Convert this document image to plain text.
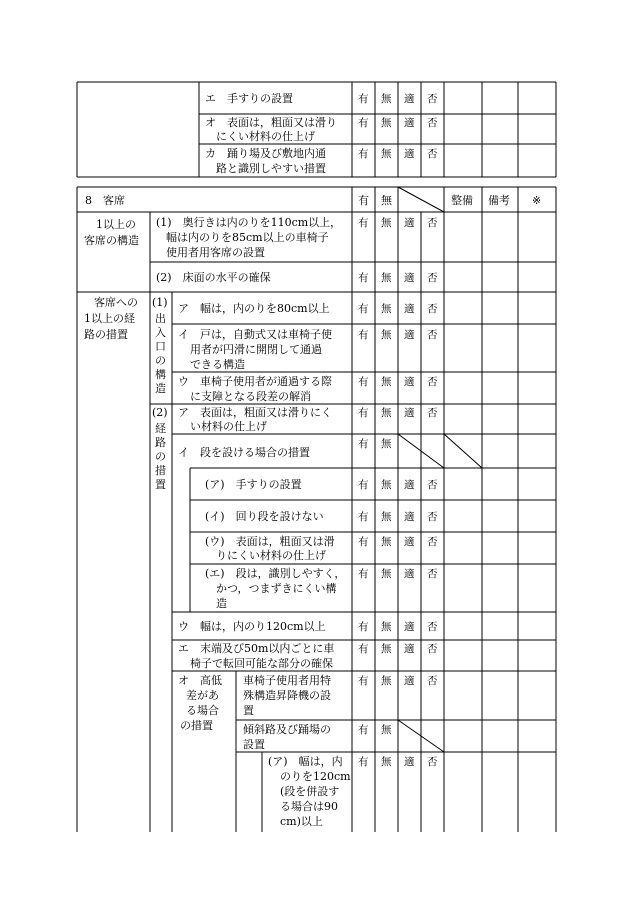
エ　手すりの設置
オ　表面は，粗面又は滑り
にくい材料の仕上げ
カ　踊り場及び敷地内通
路と識別しやすい措置
8　客席	有 無	整備 備考 ※
1以上の
客席の構造
(1)　奥行きは内のりを110cm以上，
幅は内のりを85cm以上の車椅子
使用者用客席の設置
(2)　床面の水平の確保
客席への
1以上の経
路の措置
(1)
出
入
口
の
構
造
ア　幅は，内のりを80cm以上
イ　戸は，自動式又は車椅子使
用者が円滑に開閉して通過
できる構造
ウ　車椅子使用者が通過する際
に支障となる段差の解消
(2)
経
路
の
措
置
ア　表面は，粗面又は滑りにく
い材料の仕上げ
イ　段を設ける場合の措置
(ア)　手すりの設置
(イ)　回り段を設けない
(ウ)　表面は，粗面又は滑
りにくい材料の仕上げ
(エ)　段は，識別しやすく，
かつ，つまずきにくい構
造
ウ　幅は，内のり120cm以上
エ　末端及び50m以内ごとに車
椅子で転回可能な部分の確保
オ　高低
差があ
る場合
の措置
車椅子使用者用特
殊構造昇降機の設
置
傾斜路及び踊場の
設置
(ア)　幅は，内
のりを120cm
(段を併設す
る場合は90
cm)以上
有 無 適 否
有 無 適 否
有 無 適 否
有 無 適 否
有 無 適 否
有 無 適 否
有 無 適 否
有 無 適 否
有 無 適 否
有 無
有 無 適 否
有 無 適 否
有 無 適 否
有 無 適 否
有 無 適 否
有 無 適 否
有 無 適 否
有 無
有 無 適 否
